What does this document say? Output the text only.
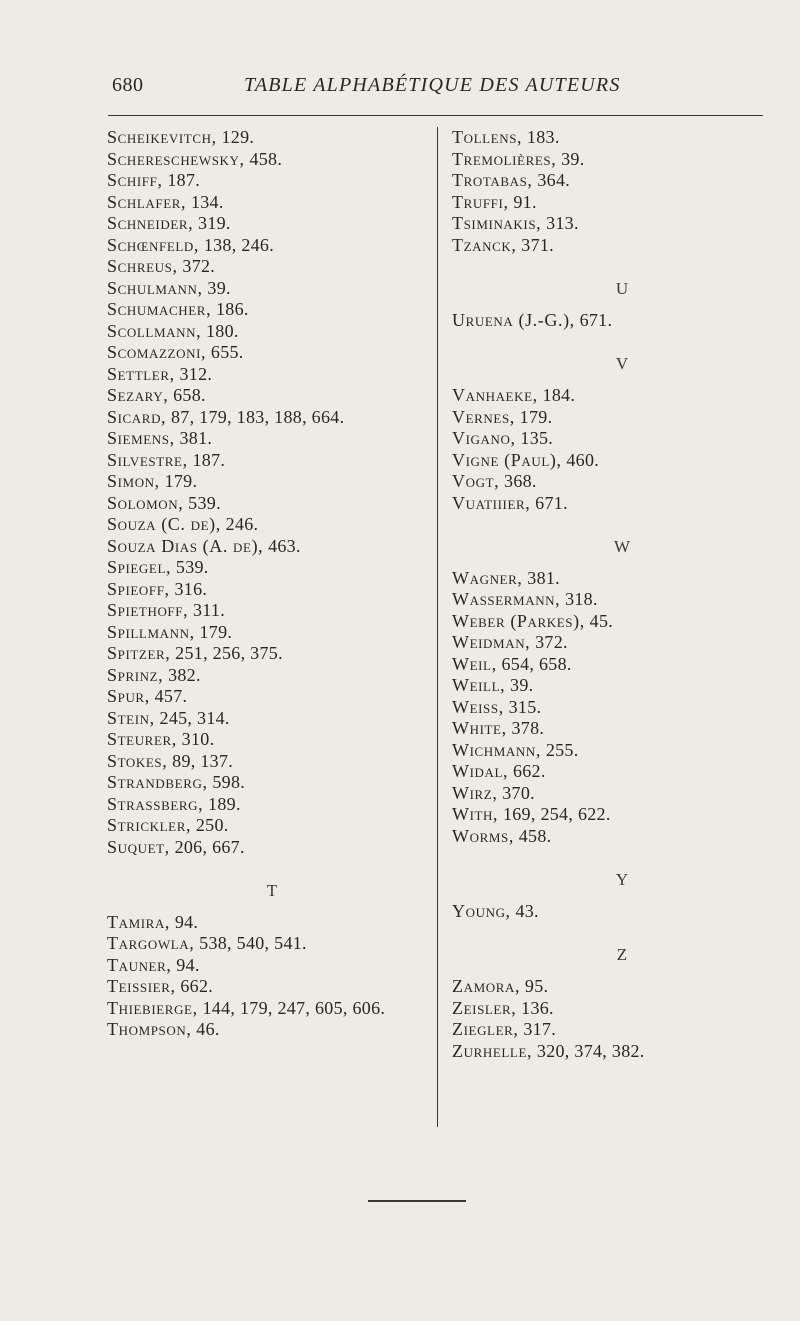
680	TABLE ALPHABÉTIQUE DES AUTEURS
Scheikevitch, 129.
Schereschewsky, 458.
Schiff, 187.
Schlafer, 134.
Schneider, 319.
Schœnfeld, 138, 246.
Schreus, 372.
Schulmann, 39.
Schumacher, 186.
Scollmann, 180.
Scomazzoni, 655.
Settler, 312.
Sezary, 658.
Sicard, 87, 179, 183, 188, 664.
Siemens, 381.
Silvestre, 187.
Simon, 179.
Solomon, 539.
Souza (C. de), 246.
Souza Dias (A. de), 463.
Spiegel, 539.
Spieoff, 316.
Spiethoff, 311.
Spillmann, 179.
Spitzer, 251, 256, 375.
Sprinz, 382.
Spur, 457.
Stein, 245, 314.
Steurer, 310.
Stokes, 89, 137.
Strandberg, 598.
Strassberg, 189.
Strickler, 250.
Suquet, 206, 667.
T
Tamira, 94.
Targowla, 538, 540, 541.
Tauner, 94.
Teissier, 662.
Thiebierge, 144, 179, 247, 605, 606.
Thompson, 46.
Tollens, 183.
Tremolières, 39.
Trotabas, 364.
Truffi, 91.
Tsiminakis, 313.
Tzanck, 371.
U
Uruena (J.-G.), 671.
V
Vanhaeke, 184.
Vernes, 179.
Vigano, 135.
Vigne (Paul), 460.
Vogt, 368.
Vuatiiier, 671.
W
Wagner, 381.
Wassermann, 318.
Weber (Parkes), 45.
Weidman, 372.
Weil, 654, 658.
Weill, 39.
Weiss, 315.
White, 378.
Wichmann, 255.
Widal, 662.
Wirz, 370.
With, 169, 254, 622.
Worms, 458.
Y
Young, 43.
Z
Zamora, 95.
Zeisler, 136.
Ziegler, 317.
Zurhelle, 320, 374, 382.
